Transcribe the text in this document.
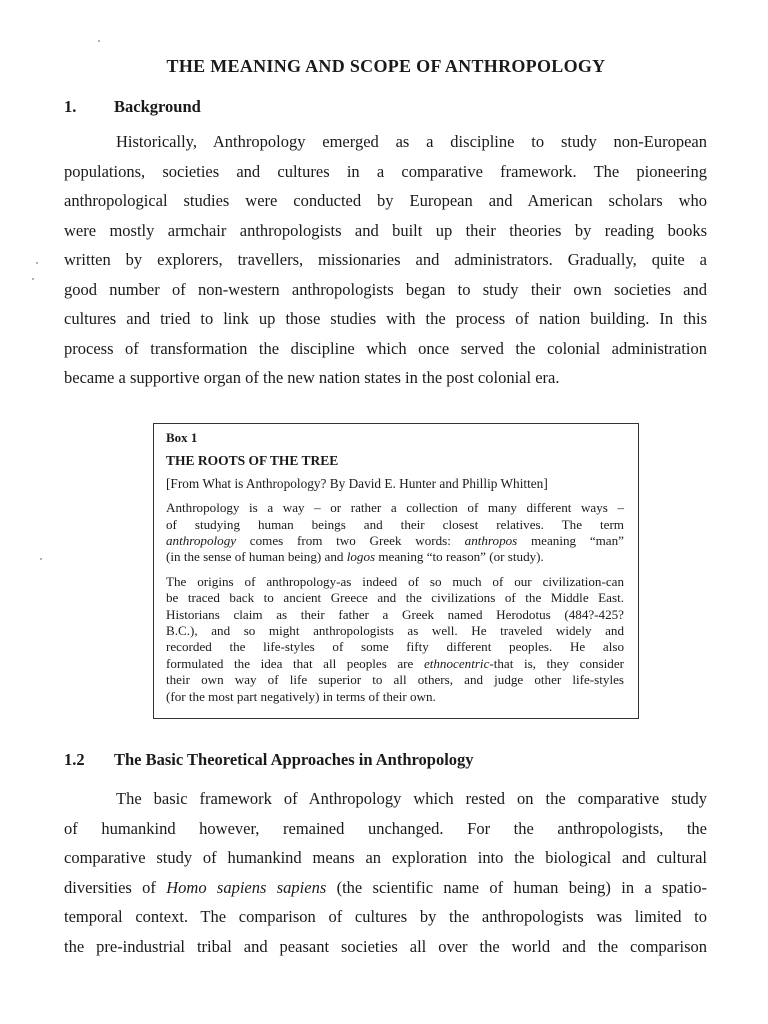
THE MEANING AND SCOPE OF ANTHROPOLOGY
1. Background
Historically, Anthropology emerged as a discipline to study non-European
populations, societies and cultures in a comparative framework. The pioneering
anthropological studies were conducted by European and American scholars who
were mostly armchair anthropologists and built up their theories by reading books
written by explorers, travellers, missionaries and administrators. Gradually, quite a
good number of non-western anthropologists began to study their own societies and
cultures and tried to link up those studies with the process of nation building. In this
process of transformation the discipline which once served the colonial administration
became a supportive organ of the new nation states in the post colonial era.
Box 1
THE ROOTS OF THE TREE
[From What is Anthropology? By David E. Hunter and Phillip Whitten]
Anthropology is a way – or rather a collection of many different ways –
of studying human beings and their closest relatives. The term
anthropology comes from two Greek words: anthropos meaning “man”
(in the sense of human being) and logos meaning “to reason” (or study).
The origins of anthropology-as indeed of so much of our civilization-can
be traced back to ancient Greece and the civilizations of the Middle East.
Historians claim as their father a Greek named Herodotus (484?-425?
B.C.), and so might anthropologists as well. He traveled widely and
recorded the life-styles of some fifty different peoples. He also
formulated the idea that all peoples are ethnocentric-that is, they consider
their own way of life superior to all others, and judge other life-styles
(for the most part negatively) in terms of their own.
1.2 The Basic Theoretical Approaches in Anthropology
The basic framework of Anthropology which rested on the comparative study
of humankind however, remained unchanged. For the anthropologists, the
comparative study of humankind means an exploration into the biological and cultural
diversities of Homo sapiens sapiens (the scientific name of human being) in a spatio-
temporal context. The comparison of cultures by the anthropologists was limited to
the pre-industrial tribal and peasant societies all over the world and the comparison
